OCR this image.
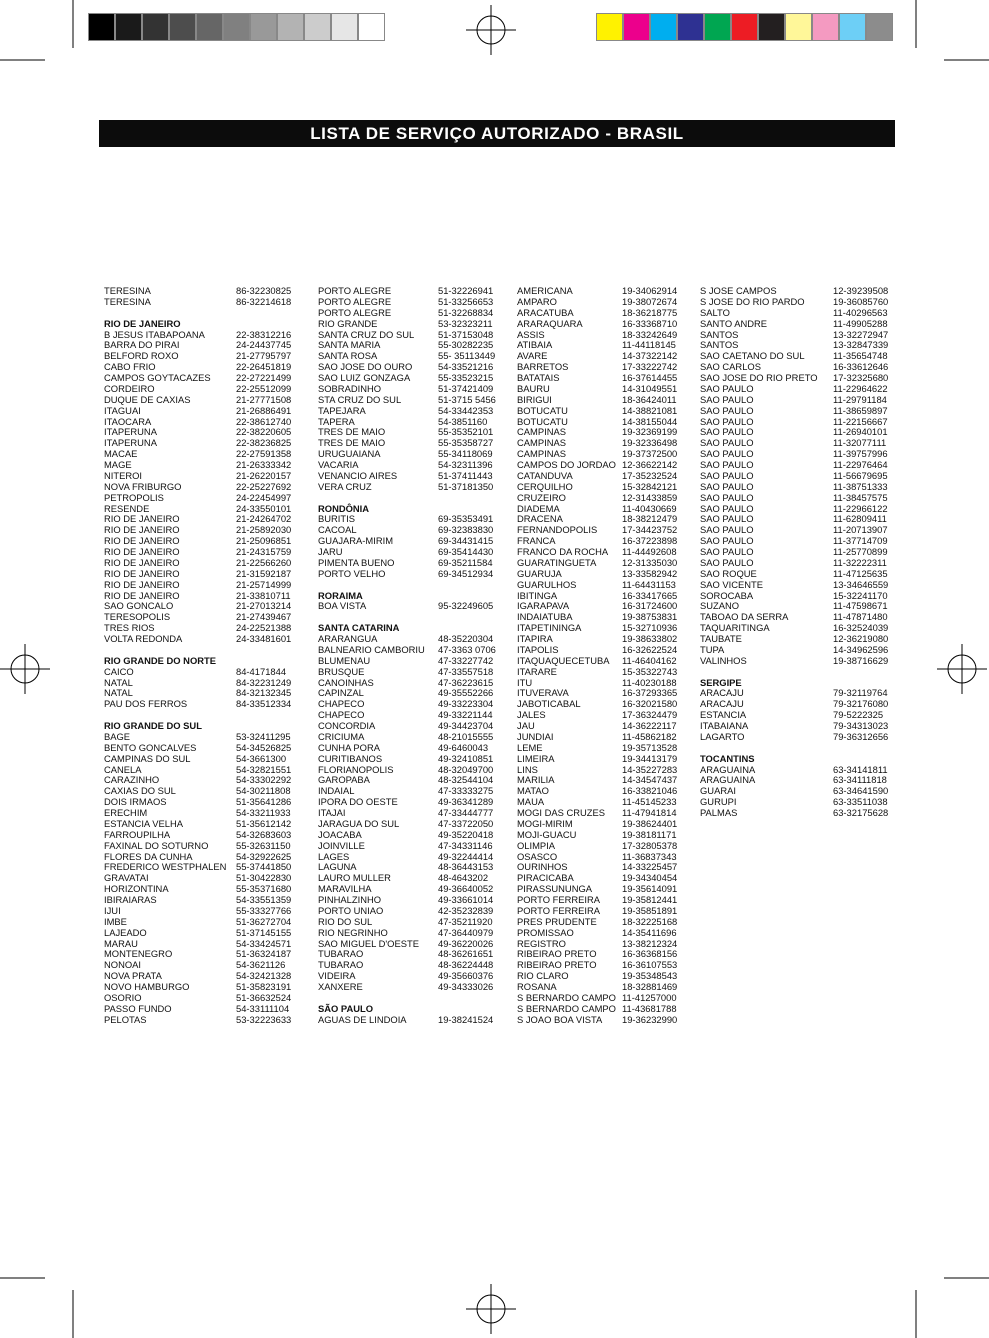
LISTA DE SERVIÇO AUTORIZADO - BRASIL
TERESINA	86-32230825
TERESINA	86-32214618
RIO DE JANEIRO
B JESUS ITABAPOANA	22-38312216
BARRA DO PIRAI	24-24437745
BELFORD ROXO	21-27795797
CABO FRIO	22-26451819
CAMPOS GOYTACAZES	22-27221499
CORDEIRO	22-25512099
DUQUE DE CAXIAS	21-27771508
ITAGUAI	21-26886491
ITAOCARA	22-38612740
ITAPERUNA	22-38220605
ITAPERUNA	22-38236825
MACAE	22-27591358
MAGE	21-26333342
NITEROI	21-26220157
NOVA FRIBURGO	22-25227692
PETROPOLIS	24-22454997
RESENDE	24-33550101
RIO DE JANEIRO	21-24264702
RIO DE JANEIRO	21-25892030
RIO DE JANEIRO	21-25096851
RIO DE JANEIRO	21-24315759
RIO DE JANEIRO	21-22566260
RIO DE JANEIRO	21-31592187
RIO DE JANEIRO	21-25714999
RIO DE JANEIRO	21-33810711
SAO GONCALO	21-27013214
TERESOPOLIS	21-27439467
TRES RIOS	24-22521388
VOLTA REDONDA	24-33481601
RIO GRANDE DO NORTE
CAICO	84-4171844
NATAL	84-32231249
NATAL	84-32132345
PAU DOS FERROS	84-33512334
RIO GRANDE DO SUL
BAGE	53-32411295
BENTO GONCALVES	54-34526825
CAMPINAS DO SUL	54-3661300
CANELA	54-32821551
CARAZINHO	54-33302292
CAXIAS DO SUL	54-30211808
DOIS IRMAOS	51-35641286
ERECHIM	54-33211933
ESTANCIA VELHA	51-35612142
FARROUPILHA	54-32683603
FAXINAL DO SOTURNO	55-32631150
FLORES DA CUNHA	54-32922625
FREDERICO WESTPHALEN 55-37441850
GRAVATAI	51-30422830
HORIZONTINA	55-35371680
IBIRAIARAS	54-33551359
IJUI	55-33327766
IMBE	51-36272704
LAJEADO	51-37145155
MARAU	54-33424571
MONTENEGRO	51-36324187
NONOAI	54-3621126
NOVA PRATA	54-32421328
NOVO HAMBURGO	51-35823191
OSORIO	51-36632524
PASSO FUNDO	54-33111104
PELOTAS	53-32223633
PORTO ALEGRE	51-32226941
PORTO ALEGRE	51-33256653
PORTO ALEGRE	51-32268834
RIO GRANDE	53-32323211
SANTA CRUZ DO SUL	51-37153048
SANTA MARIA	55-30282235
SANTA ROSA	55- 35113449
SAO JOSE DO OURO	54-33521216
SAO LUIZ GONZAGA	55-33523215
SOBRADINHO	51-37421409
STA CRUZ DO SUL	51-3715 5456
TAPEJARA	54-33442353
TAPERA	54-3851160
TRES DE MAIO	55-35352101
TRES DE MAIO	55-35358727
URUGUAIANA	55-34118069
VACARIA	54-32311396
VENANCIO AIRES	51-37411443
VERA CRUZ	51-37181350
RONDÔNIA
BURITIS	69-35353491
CACOAL	69-32383830
GUAJARA-MIRIM	69-34431415
JARU	69-35414430
PIMENTA BUENO	69-35211584
PORTO VELHO	69-34512934
RORAIMA
BOA VISTA	95-32249605
SANTA CATARINA
ARARANGUA	48-35220304
BALNEARIO CAMBORIU 47-3363 0706
BLUMENAU	47-33227742
BRUSQUE	47-33557518
CANOINHAS	47-36223615
CAPINZAL	49-35552266
CHAPECO	49-33223304
CHAPECO	49-33221144
CONCORDIA	49-34423704
CRICIUMA	48-21015555
CUNHA PORA	49-6460043
CURITIBANOS	49-32410851
FLORIANOPOLIS	48-32049700
GAROPABA	48-32544104
INDAIAL	47-33333275
IPORA DO OESTE	49-36341289
ITAJAI	47-33444777
JARAGUA DO SUL	47-33722050
JOACABA	49-35220418
JOINVILLE	47-34331146
LAGES	49-32244414
LAGUNA	48-36443153
LAURO MULLER	48-4643202
MARAVILHA	49-36640052
PINHALZINHO	49-33661014
PORTO UNIAO	42-35232839
RIO DO SUL	47-35211920
RIO NEGRINHO	47-36440979
SAO MIGUEL D'OESTE 49-36220026
TUBARAO	48-36261651
TUBARAO	48-36224448
VIDEIRA	49-35660376
XANXERE	49-34333026
SÃO PAULO
AGUAS DE LINDOIA	19-38241524
AMERICANA	19-34062914
AMPARO	19-38072674
ARACATUBA	18-36218775
ARARAQUARA	16-33368710
ASSIS	18-33242649
ATIBAIA	11-44118145
AVARE	14-37322142
BARRETOS	17-33222742
BATATAIS	16-37614455
BAURU	14-31049551
BIRIGUI	18-36424011
BOTUCATU	14-38821081
BOTUCATU	14-38155044
CAMPINAS	19-32369199
CAMPINAS	19-32336498
CAMPINAS	19-37372500
CAMPOS DO JORDAO 12-36622142
CATANDUVA	17-35232524
CERQUILHO	15-32842121
CRUZEIRO	12-31433859
DIADEMA	11-40430669
DRACENA	18-38212479
FERNANDOPOLIS	17-34423752
FRANCA	16-37223898
FRANCO DA ROCHA 11-44492608
GUARATINGUETA	12-31335030
GUARUJA	13-33582942
GUARULHOS	11-64431153
IBITINGA	16-33417665
IGARAPAVA	16-31724600
INDAIATUBA	19-38753831
ITAPETININGA	15-32710936
ITAPIRA	19-38633802
ITAPOLIS	16-32622524
ITAQUAQUECETUBA 11-46404162
ITARARE	15-35322743
ITU	11-40230188
ITUVERAVA	16-37293365
JABOTICABAL	16-32021580
JALES	17-36324479
JAU	14-36222117
JUNDIAI	11-45862182
LEME	19-35713528
LIMEIRA	19-34413179
LINS	14-35227283
MARILIA	14-34547437
MATAO	16-33821046
MAUA	11-45145233
MOGI DAS CRUZES 11-47941814
MOGI-MIRIM	19-38624401
MOJI-GUACU	19-38181171
OLIMPIA	17-32805378
OSASCO	11-36837343
OURINHOS	14-33225457
PIRACICABA	19-34340454
PIRASSUNUNGA	19-35614091
PORTO FERREIRA 19-35812441
PORTO FERREIRA 19-35851891
PRES PRUDENTE	18-32225168
PROMISSAO	14-35411696
REGISTRO	13-38212324
RIBEIRAO PRETO	16-36368156
RIBEIRAO PRETO	16-36107553
RIO CLARO	19-35348543
ROSANA	18-32881469
S BERNARDO CAMPO 11-41257000
S BERNARDO CAMPO 11-43681788
S JOAO BOA VISTA 19-36232990
S JOSE CAMPOS	12-39239508
S JOSE DO RIO PARDO	19-36085760
SALTO	11-40296563
SANTO ANDRE	11-49905288
SANTOS	13-32272947
SANTOS	13-32847339
SAO CAETANO DO SUL	11-35654748
SAO CARLOS	16-33612646
SAO JOSE DO RIO PRETO 17-32325680
SAO PAULO	11-22964622
SAO PAULO	11-29791184
SAO PAULO	11-38659897
SAO PAULO	11-22156667
SAO PAULO	11-26940101
SAO PAULO	11-32077111
SAO PAULO	11-39757996
SAO PAULO	11-22976464
SAO PAULO	11-56679695
SAO PAULO	11-38751333
SAO PAULO	11-38457575
SAO PAULO	11-22966122
SAO PAULO	11-62809411
SAO PAULO	11-20713907
SAO PAULO	11-37714709
SAO PAULO	11-25770899
SAO PAULO	11-32222311
SAO ROQUE	11-47125635
SAO VICENTE	13-34646559
SOROCABA	15-32241170
SUZANO	11-47598671
TABOAO DA SERRA	11-47871480
TAQUARITINGA	16-32524039
TAUBATE	12-36219080
TUPA	14-34962596
VALINHOS	19-38716629
SERGIPE
ARACAJU	79-32119764
ARACAJU	79-32176080
ESTANCIA	79-5222325
ITABAIANA	79-34313023
LAGARTO	79-36312656
TOCANTINS
ARAGUAINA	63-34141811
ARAGUAINA	63-34111818
GUARAI	63-34641590
GURUPI	63-33511038
PALMAS	63-32175628
